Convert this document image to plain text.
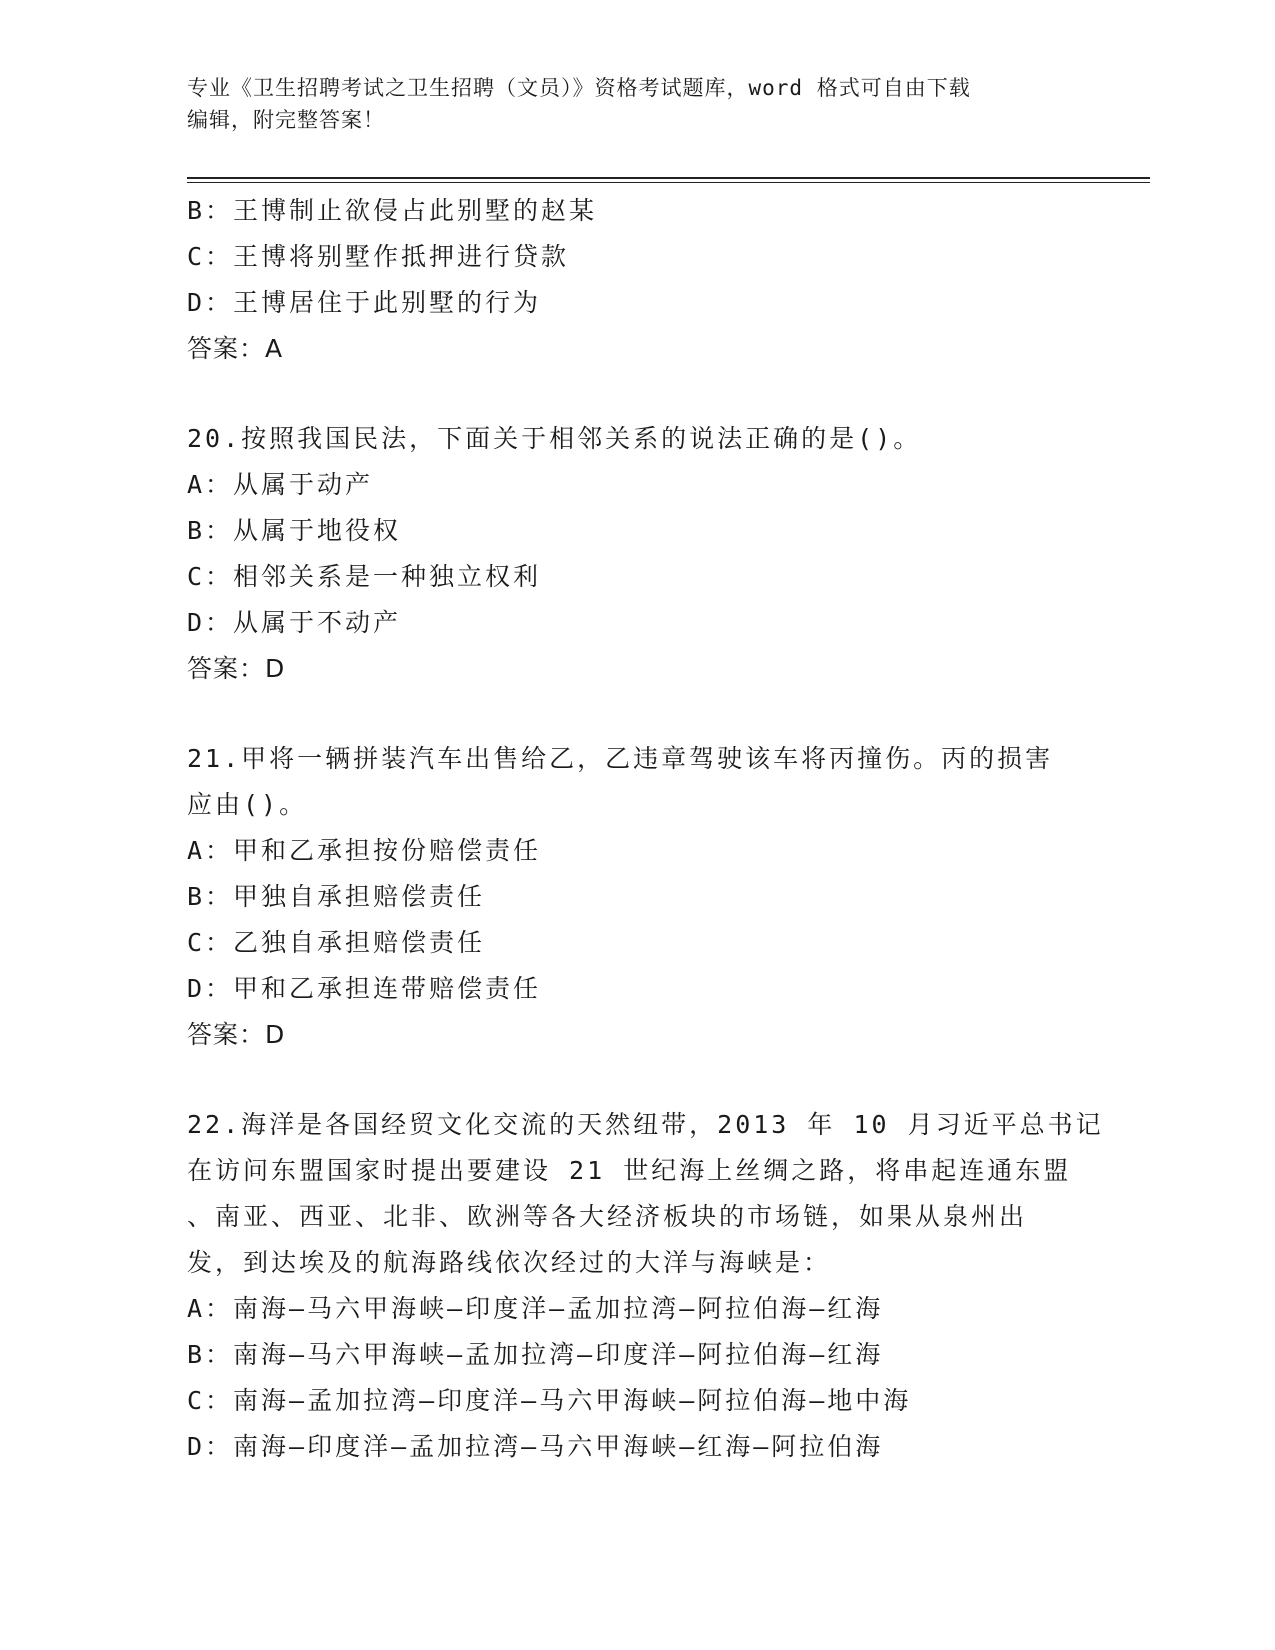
专业《卫生招聘考试之卫生招聘（文员）》资格考试题库，word 格式可自由下载
编辑，附完整答案！
B：王博制止欲侵占此别墅的赵某
C：王博将别墅作抵押进行贷款
D：王博居住于此别墅的行为
答案：A
20.按照我国民法，下面关于相邻关系的说法正确的是()。
A：从属于动产
B：从属于地役权
C：相邻关系是一种独立权利
D：从属于不动产
答案：D
21.甲将一辆拼装汽车出售给乙，乙违章驾驶该车将丙撞伤。丙的损害
应由()。
A：甲和乙承担按份赔偿责任
B：甲独自承担赔偿责任
C：乙独自承担赔偿责任
D：甲和乙承担连带赔偿责任
答案：D
22.海洋是各国经贸文化交流的天然纽带，2013 年 10 月习近平总书记
在访问东盟国家时提出要建设 21 世纪海上丝绸之路，将串起连通东盟
、南亚、西亚、北非、欧洲等各大经济板块的市场链，如果从泉州出
发，到达埃及的航海路线依次经过的大洋与海峡是：
A：南海—马六甲海峡—印度洋—孟加拉湾—阿拉伯海—红海
B：南海—马六甲海峡—孟加拉湾—印度洋—阿拉伯海—红海
C：南海—孟加拉湾—印度洋—马六甲海峡—阿拉伯海—地中海
D：南海—印度洋—孟加拉湾—马六甲海峡—红海—阿拉伯海
